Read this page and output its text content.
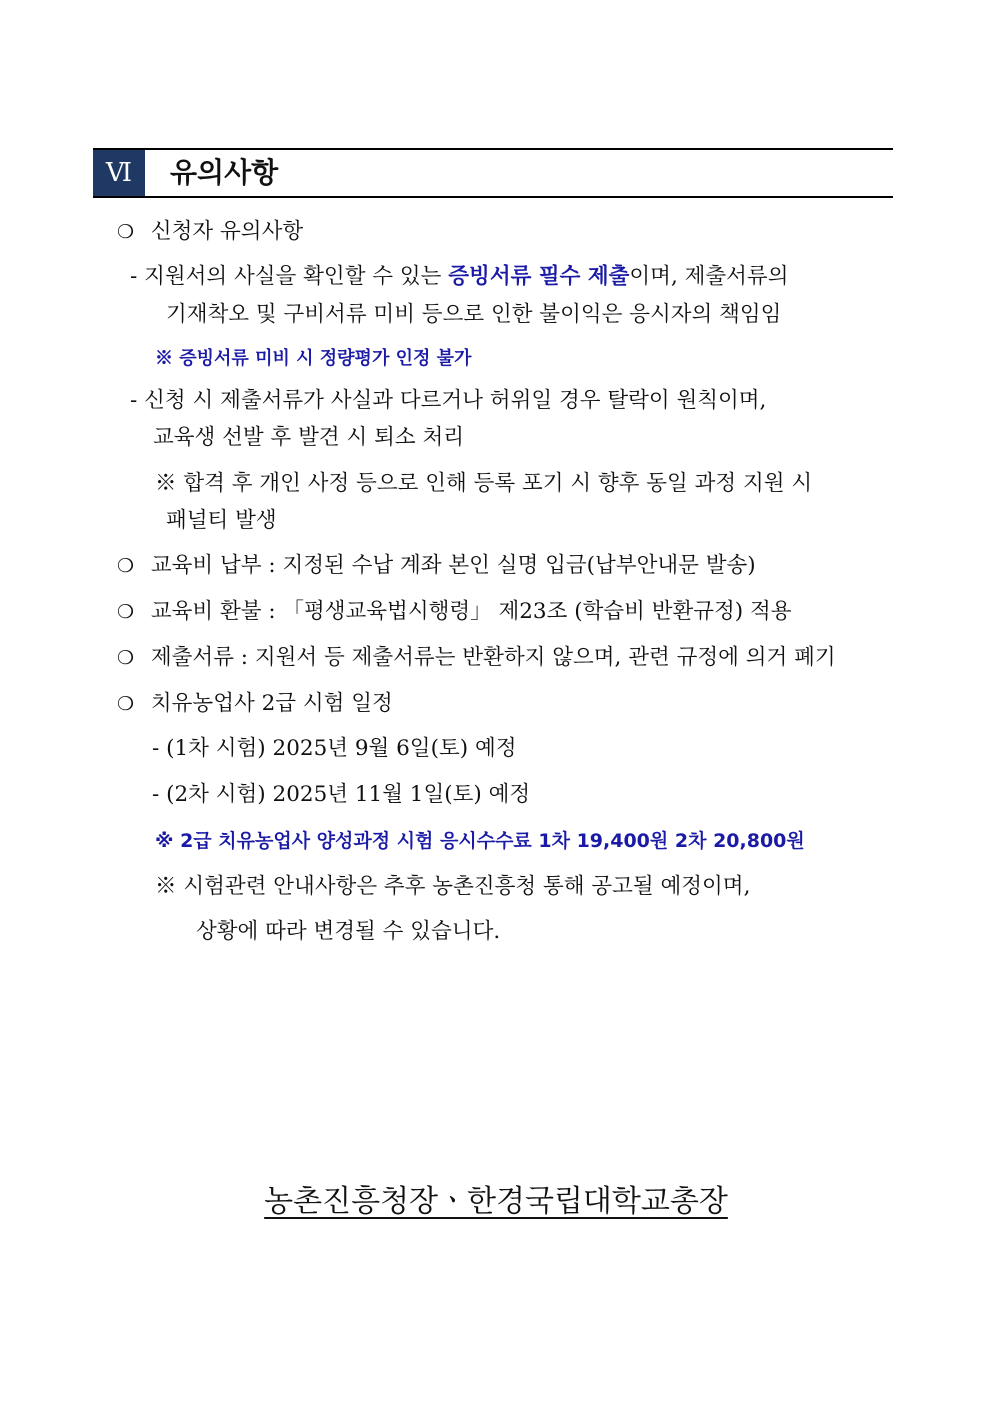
Ⅵ	유의사항
❍ 신청자 유의사항
- 지원서의 사실을 확인할 수 있는 증빙서류 필수 제출이며, 제출서류의
기재착오 및 구비서류 미비 등으로 인한 불이익은 응시자의 책임임
※ 증빙서류 미비 시 정량평가 인정 불가
- 신청 시 제출서류가 사실과 다르거나 허위일 경우 탈락이 원칙이며,
교육생 선발 후 발견 시 퇴소 처리
※ 합격 후 개인 사정 등으로 인해 등록 포기 시 향후 동일 과정 지원 시
패널티 발생
❍ 교육비 납부 : 지정된 수납 계좌 본인 실명 입금(납부안내문 발송)
❍ 교육비 환불 : 「평생교육법시행령」 제23조 (학습비 반환규정) 적용
❍ 제출서류 : 지원서 등 제출서류는 반환하지 않으며, 관련 규정에 의거 폐기
❍ 치유농업사 2급 시험 일정
- (1차 시험) 2025년 9월 6일(토) 예정
- (2차 시험) 2025년 11월 1일(토) 예정
※ 2급 치유농업사 양성과정 시험 응시수수료 1차 19,400원 2차 20,800원
※ 시험관련 안내사항은 추후 농촌진흥청 통해 공고될 예정이며,
상황에 따라 변경될 수 있습니다.
농촌진흥청장ㆍ한경국립대학교총장
